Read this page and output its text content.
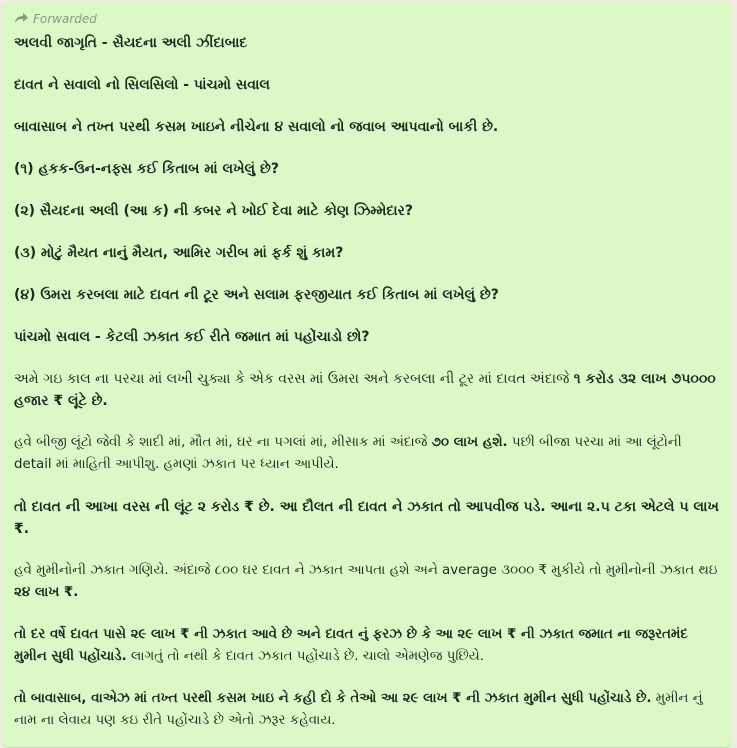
Forwarded

અલવી જાગૃતિ - સૈયદના અલી ઝીંદાબાદ

દાવત ને સવાલો નો સિલસિલો - પાંચમો સવાલ

બાવાસાબ ને તખ્ત પરથી કસમ ખાઇને નીચેના ૪ સવાલો નો જવાબ આપવાનો બાકી છે.

(૧) હકક-ઉન-નફ્સ કઈ કિતાબ માં લખેલું છે?

(૨) સૈયદના અલી (આ ક) ની કબર ને ખોઈ દેવા માટે કોણ ઝિમ્મેદાર?

(૩) મોટું મૈયત નાનું મૈયત, આમિર ગરીબ માં ફર્ક શું કામ?

(૪) ઉમરા કરબલા માટે દાવત ની ટૂર અને સલામ ફરજીયાત કઈ કિતાબ માં લખેલું છે?

પાંચમો સવાલ - કેટલી ઝકાત કઈ રીતે જમાત માં પહોંચાડો છો?

અમે ગઇ કાલ ના પરચા માં લખી ચુક્યા કે એક વરસ માં ઉમરા અને કરબલા ની ટૂર માં દાવત અંદાજે ૧ કરોડ ૩૨ લાખ ૭૫૦૦૦ હજાર ₹ લૂંટે છે.

હવે બીજી લૂંટો જેવી કે શાદી માં, મૌત માં, ઘર ના પગલાં માં, મીસાક માં અંદાજે ૭૦ લાખ હશે. પછી બીજા પરચા માં આ લૂંટોની detail માં માહિતી આપીશુ. હમણાં ઝકાત પર ધ્યાન આપીયે.

તો દાવત ની આખા વરસ ની લૂંટ ૨ કરોડ ₹ છે. આ દૌલત ની દાવત ને ઝકાત તો આપવીજ પડે. આના ૨.૫ ટકા એટલે ૫ લાખ ₹.

હવે મુમીનોની ઝકાત ગણિયે. અંદાજે ૮૦૦ ઘર દાવત ને ઝકાત આપતા હશે અને average ૩૦૦૦ ₹ મુકીયે તો મુમીનોની ઝકાત થઇ ૨૪ લાખ ₹.

તો દર વર્ષે દાવત પાસે ૨૯ લાખ ₹ ની ઝકાત આવે છે અને દાવત નું ફરઝ છે કે આ ૨૯ લાખ ₹ ની ઝકાત જમાત ના જરૂરતમંદ મુમીન સુધી પહોંચાડે. લાગતું તો નથી કે દાવત ઝકાત પહોંચાડે છે. ચાલો એમણેજ પુછિયે.

તો બાવાસાબ, વાએઝ માં તખ્ત પરથી કસમ ખાઇ ને કહી દો કે તેઓ આ ૨૯ લાખ ₹ ની ઝકાત મુમીન સુધી પહોંચાડે છે. મુમીન નું નામ ના લેવાય પણ કઇ રીતે પહોંચાડે છે એતો ઝરૂર કહેવાય.
